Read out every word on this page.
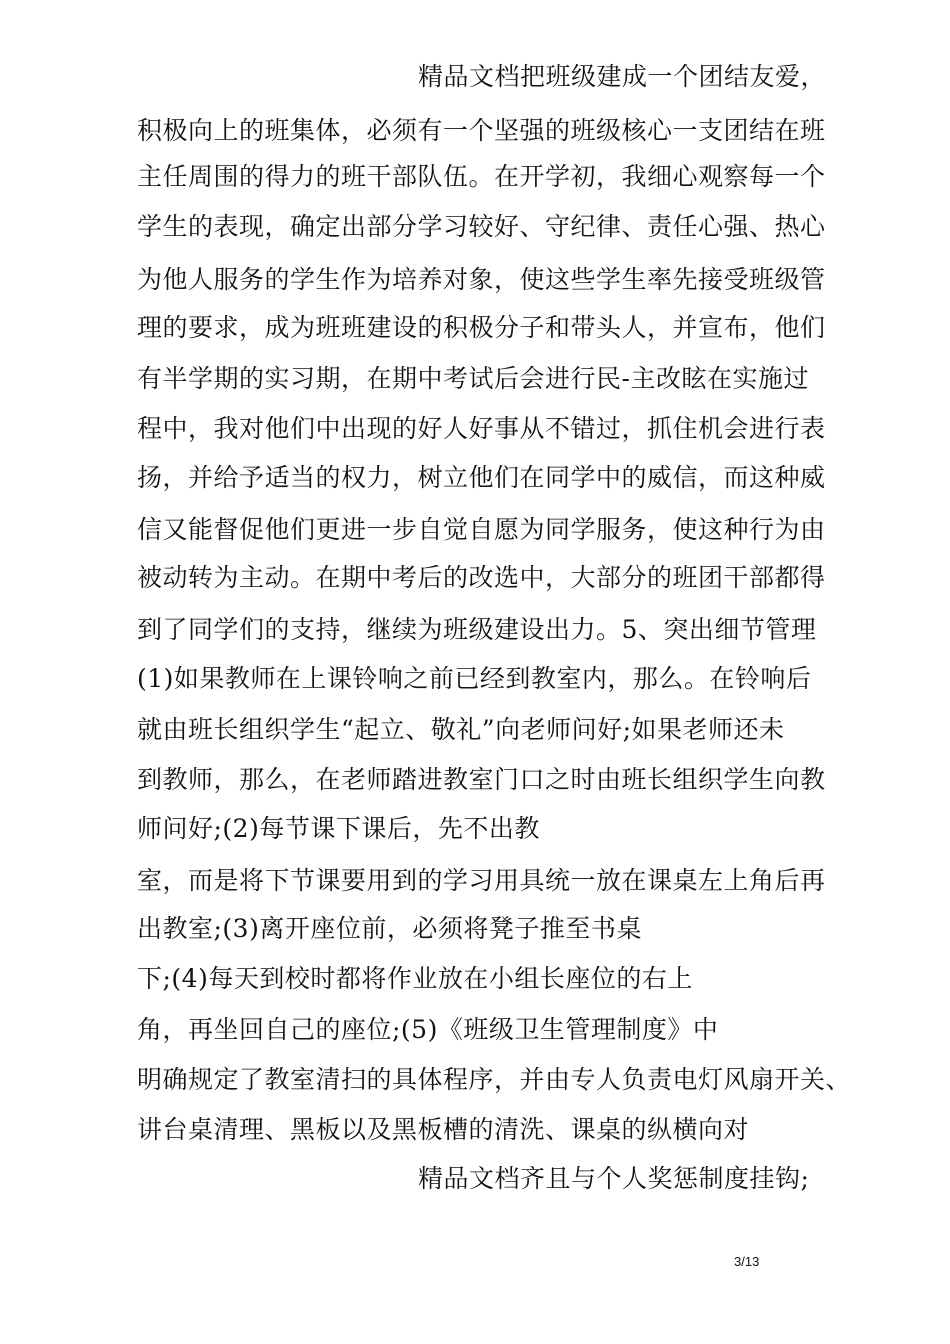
精品文档把班级建成一个团结友爱，
积极向上的班集体，必须有一个坚强的班级核心一支团结在班
主任周围的得力的班干部队伍。在开学初，我细心观察每一个
学生的表现，确定出部分学习较好、守纪律、责任心强、热心
为他人服务的学生作为培养对象，使这些学生率先接受班级管
理的要求，成为班班建设的积极分子和带头人，并宣布，他们
有半学期的实习期，在期中考试后会进行民-主改眩在实施过
程中，我对他们中出现的好人好事从不错过，抓住机会进行表
扬，并给予适当的权力，树立他们在同学中的威信，而这种威
信又能督促他们更进一步自觉自愿为同学服务，使这种行为由
被动转为主动。在期中考后的改选中，大部分的班团干部都得
到了同学们的支持，继续为班级建设出力。5、突出细节管理
(1)如果教师在上课铃响之前已经到教室内，那么。在铃响后
就由班长组织学生“起立、敬礼”向老师问好;如果老师还未
到教师，那么，在老师踏进教室门口之时由班长组织学生向教
师问好;(2)每节课下课后，先不出教
室，而是将下节课要用到的学习用具统一放在课桌左上角后再
出教室;(3)离开座位前，必须将凳子推至书桌
下;(4)每天到校时都将作业放在小组长座位的右上
角，再坐回自己的座位;(5)《班级卫生管理制度》中
明确规定了教室清扫的具体程序，并由专人负责电灯风扇开关、
讲台桌清理、黑板以及黑板槽的清洗、课桌的纵横向对
精品文档齐且与个人奖惩制度挂钩;
3/13
